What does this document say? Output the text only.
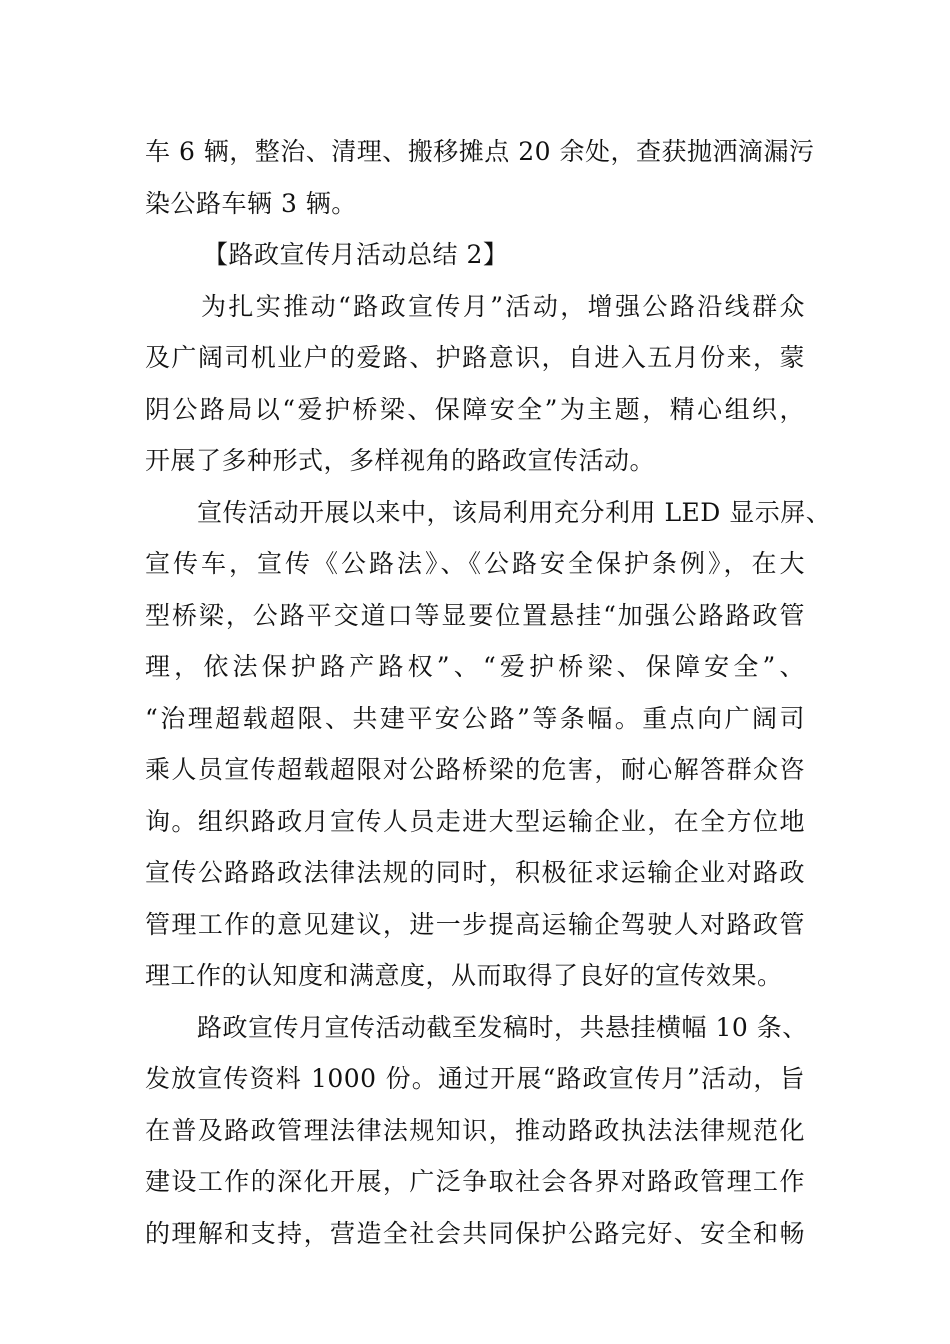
车 6 辆，整治、清理、搬移摊点 20 余处，查获抛洒滴漏污
染公路车辆 3 辆。
【路政宣传月活动总结 2】
为扎实推动“路政宣传月”活动，增强公路沿线群众
及广阔司机业户的爱路、护路意识，自进入五月份来，蒙
阴公路局以“爱护桥梁、保障安全”为主题，精心组织，
开展了多种形式，多样视角的路政宣传活动。
宣传活动开展以来中，该局利用充分利用 LED 显示屏、
宣传车，宣传《公路法》、《公路安全保护条例》，在大
型桥梁，公路平交道口等显要位置悬挂“加强公路路政管
理，依法保护路产路权”、“爱护桥梁、保障安全”、
“治理超载超限、共建平安公路”等条幅。重点向广阔司
乘人员宣传超载超限对公路桥梁的危害，耐心解答群众咨
询。组织路政月宣传人员走进大型运输企业，在全方位地
宣传公路路政法律法规的同时，积极征求运输企业对路政
管理工作的意见建议，进一步提高运输企驾驶人对路政管
理工作的认知度和满意度，从而取得了良好的宣传效果。
路政宣传月宣传活动截至发稿时，共悬挂横幅 10 条、
发放宣传资料 1000 份。通过开展“路政宣传月”活动，旨
在普及路政管理法律法规知识，推动路政执法法律规范化
建设工作的深化开展，广泛争取社会各界对路政管理工作
的理解和支持，营造全社会共同保护公路完好、安全和畅
